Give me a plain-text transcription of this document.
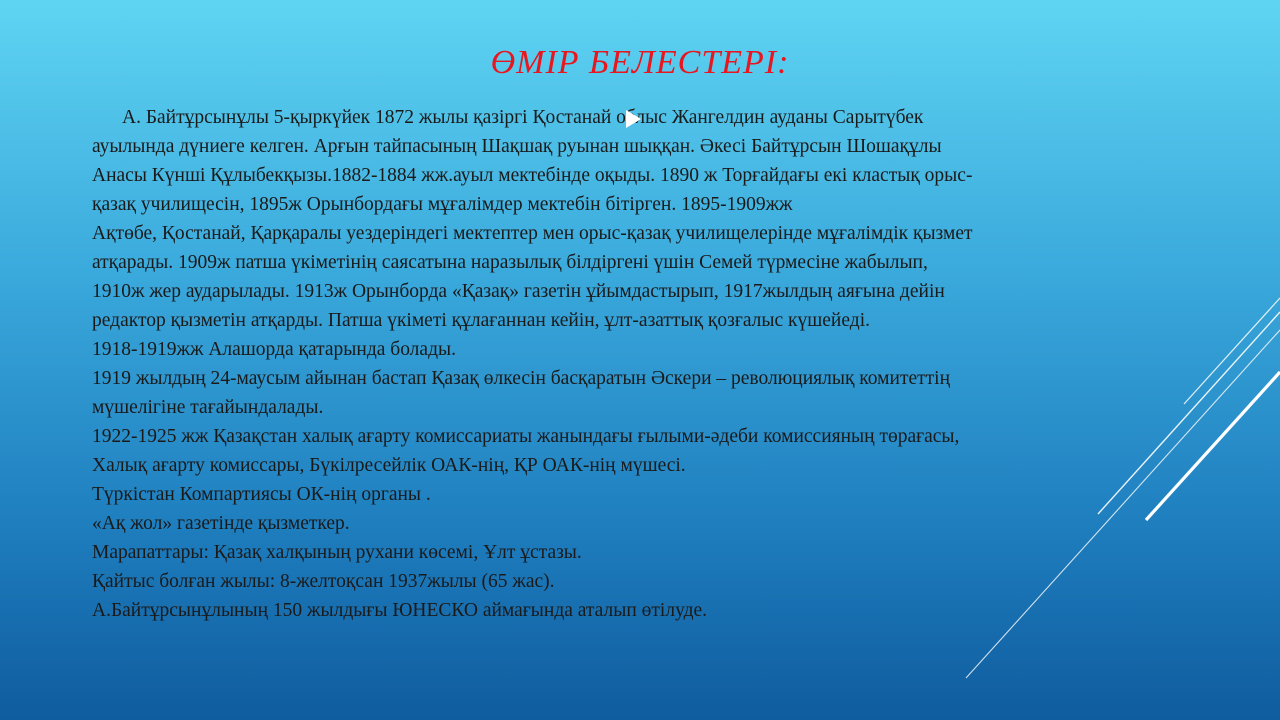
ӨМІР БЕЛЕСТЕРІ:
А. Байтұрсынұлы 5-қыркүйек 1872 жылы қазіргі Қостанай облыс Жангелдин ауданы Сарытүбек
ауылында дүниеге келген. Арғын тайпасының Шақшақ руынан шыққан. Әкесі Байтұрсын Шошақұлы
Анасы Күнші Құлыбекқызы.1882-1884 жж.ауыл мектебінде оқыды. 1890 ж Торғайдағы екі кластық орыс-
қазақ училищесін, 1895ж Орынбордағы мұғалімдер мектебін бітірген. 1895-1909жж
Ақтөбе, Қостанай, Қарқаралы уездеріндегі мектептер мен орыс-қазақ училищелерінде мұғалімдік қызмет
атқарады. 1909ж патша үкіметінің саясатына наразылық білдіргені үшін Семей түрмесіне жабылып,
1910ж жер аударылады. 1913ж Орынборда «Қазақ» газетін ұйымдастырып, 1917жылдың аяғына дейін
редактор қызметін атқарды. Патша үкіметі құлағаннан кейін, ұлт-азаттық қозғалыс күшейеді.
1918-1919жж Алашорда қатарында болады.
1919 жылдың 24-маусым айынан бастап Қазақ өлкесін басқаратын Әскери – революциялық комитеттің
мүшелігіне тағайындалады.
1922-1925 жж Қазақстан халық ағарту комиссариаты жанындағы ғылыми-әдеби комиссияның төрағасы,
Халық ағарту комиссары, Бүкілресейлік ОАК-нің, ҚР ОАК-нің мүшесі.
Түркістан Компартиясы ОК-нің органы .
«Ақ жол» газетінде қызметкер.
Марапаттары: Қазақ халқының рухани көсемі, Ұлт ұстазы.
Қайтыс болған жылы: 8-желтоқсан 1937жылы (65 жас).
А.Байтұрсынұлының 150 жылдығы ЮНЕСКО аймағында аталып өтілуде.
